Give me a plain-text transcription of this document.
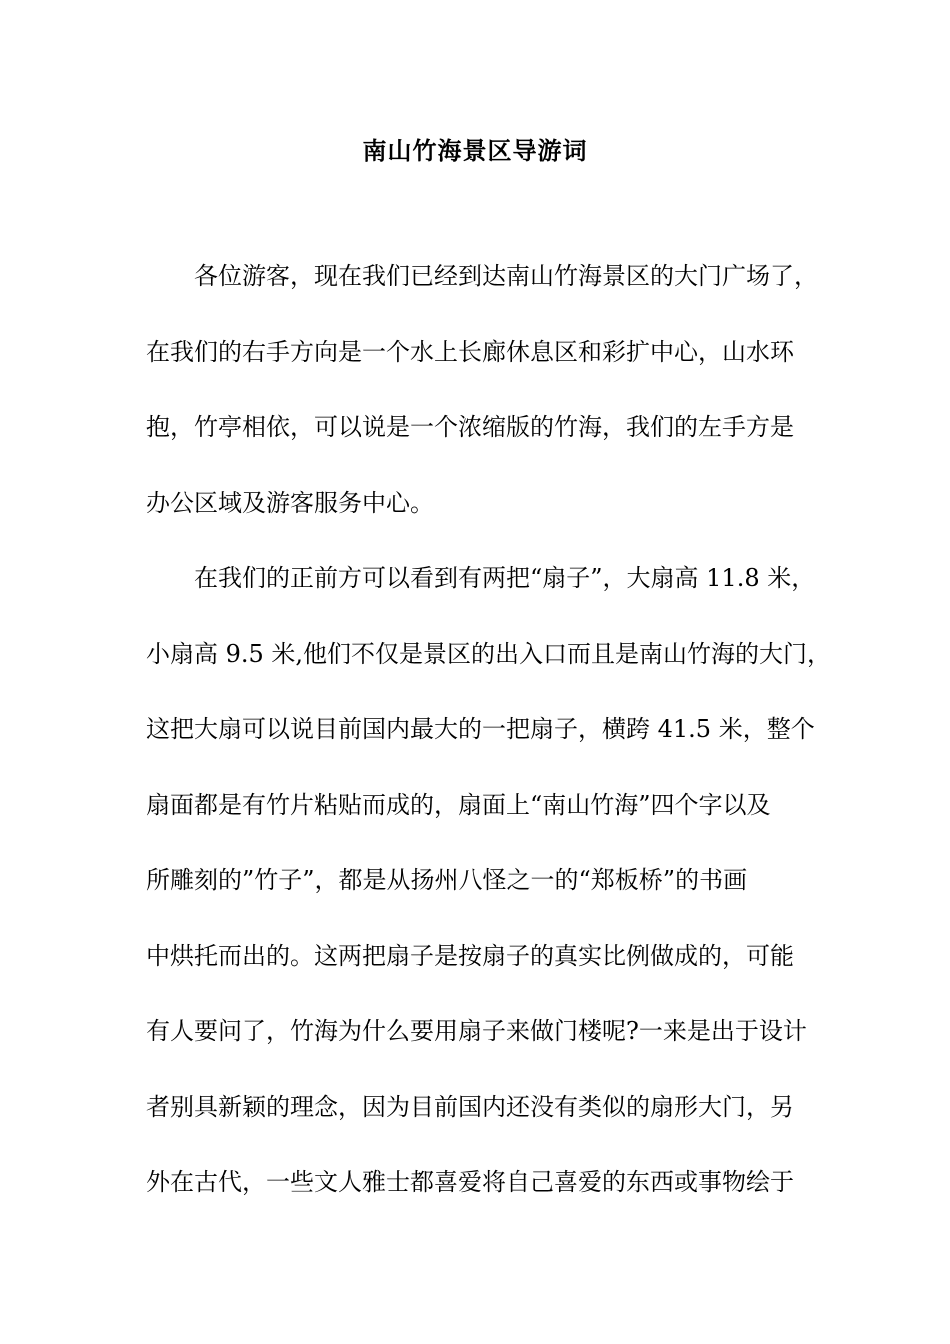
南山竹海景区导游词
各位游客，现在我们已经到达南山竹海景区的大门广场了，
在我们的右手方向是一个水上长廊休息区和彩扩中心，山水环
抱，竹亭相依，可以说是一个浓缩版的竹海，我们的左手方是
办公区域及游客服务中心。
在我们的正前方可以看到有两把“扇子”，大扇高 11.8 米，
小扇高 9.5 米,他们不仅是景区的出入口而且是南山竹海的大门，
这把大扇可以说目前国内最大的一把扇子，横跨 41.5 米，整个
扇面都是有竹片粘贴而成的，扇面上“南山竹海”四个字以及
所雕刻的”竹子”，都是从扬州八怪之一的“郑板桥”的书画
中烘托而出的。这两把扇子是按扇子的真实比例做成的，可能
有人要问了，竹海为什么要用扇子来做门楼呢?一来是出于设计
者别具新颖的理念，因为目前国内还没有类似的扇形大门，另
外在古代，一些文人雅士都喜爱将自己喜爱的东西或事物绘于
